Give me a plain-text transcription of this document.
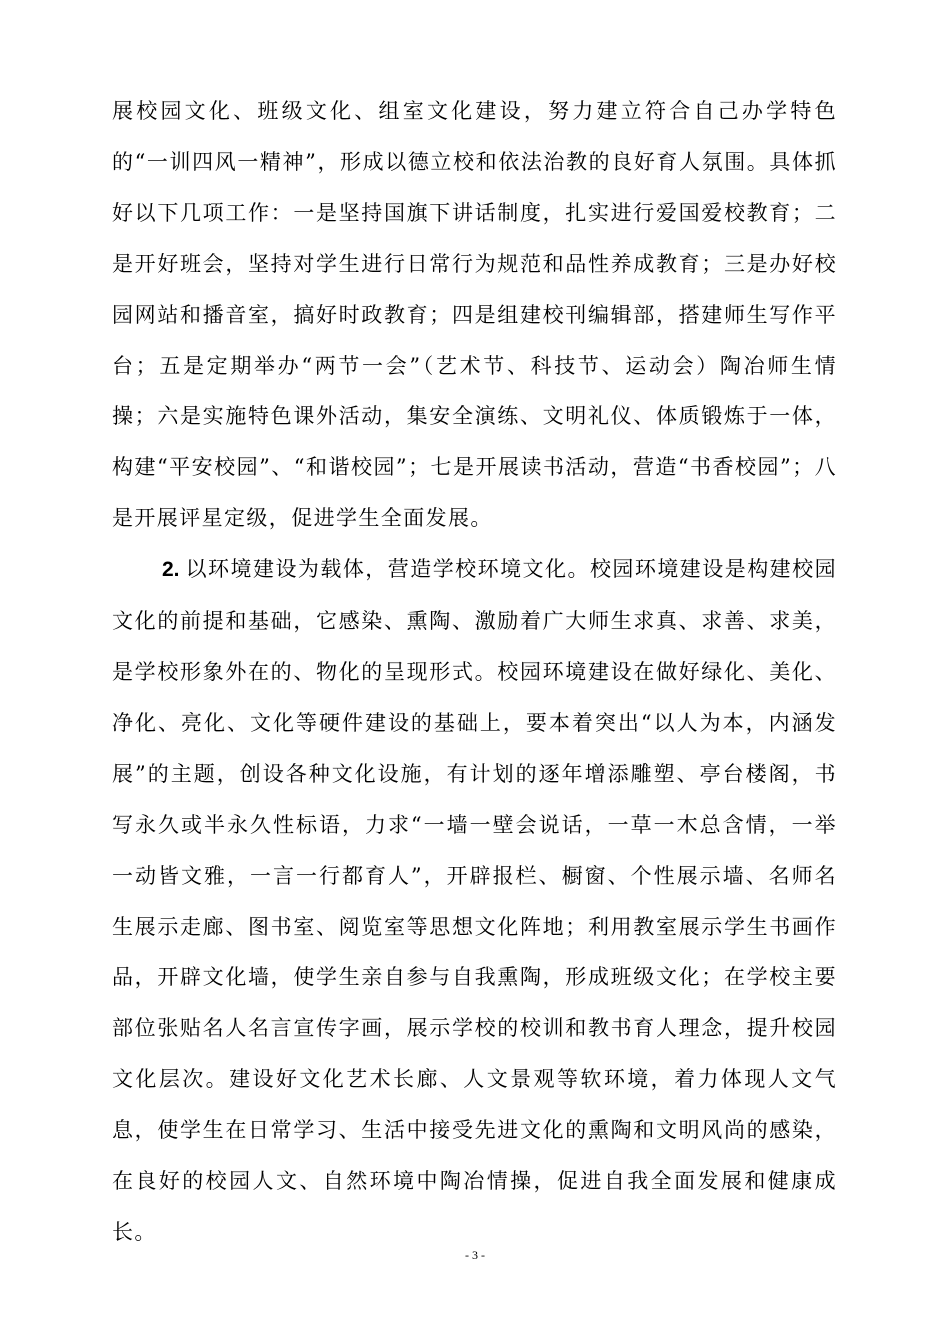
展校园文化、班级文化、组室文化建设，努力建立符合自己办学特色的“一训四风一精神”，形成以德立校和依法治教的良好育人氛围。具体抓好以下几项工作：一是坚持国旗下讲话制度，扎实进行爱国爱校教育；二是开好班会，坚持对学生进行日常行为规范和品性养成教育；三是办好校园网站和播音室，搞好时政教育；四是组建校刊编辑部，搭建师生写作平台；五是定期举办“两节一会”（艺术节、科技节、运动会）陶冶师生情操；六是实施特色课外活动，集安全演练、文明礼仪、体质锻炼于一体，构建“平安校园”、“和谐校园”；七是开展读书活动，营造“书香校园”；八是开展评星定级，促进学生全面发展。

2. 以环境建设为载体，营造学校环境文化。校园环境建设是构建校园文化的前提和基础，它感染、熏陶、激励着广大师生求真、求善、求美，是学校形象外在的、物化的呈现形式。校园环境建设在做好绿化、美化、净化、亮化、文化等硬件建设的基础上，要本着突出“以人为本，内涵发展”的主题，创设各种文化设施，有计划的逐年增添雕塑、亭台楼阁，书写永久或半永久性标语，力求“一墙一壁会说话，一草一木总含情，一举一动皆文雅，一言一行都育人”，开辟报栏、橱窗、个性展示墙、名师名生展示走廊、图书室、阅览室等思想文化阵地；利用教室展示学生书画作品，开辟文化墙，使学生亲自参与自我熏陶，形成班级文化；在学校主要部位张贴名人名言宣传字画，展示学校的校训和教书育人理念，提升校园文化层次。建设好文化艺术长廊、人文景观等软环境，着力体现人文气息，使学生在日常学习、生活中接受先进文化的熏陶和文明风尚的感染，在良好的校园人文、自然环境中陶冶情操，促进自我全面发展和健康成长。

- 3 -
